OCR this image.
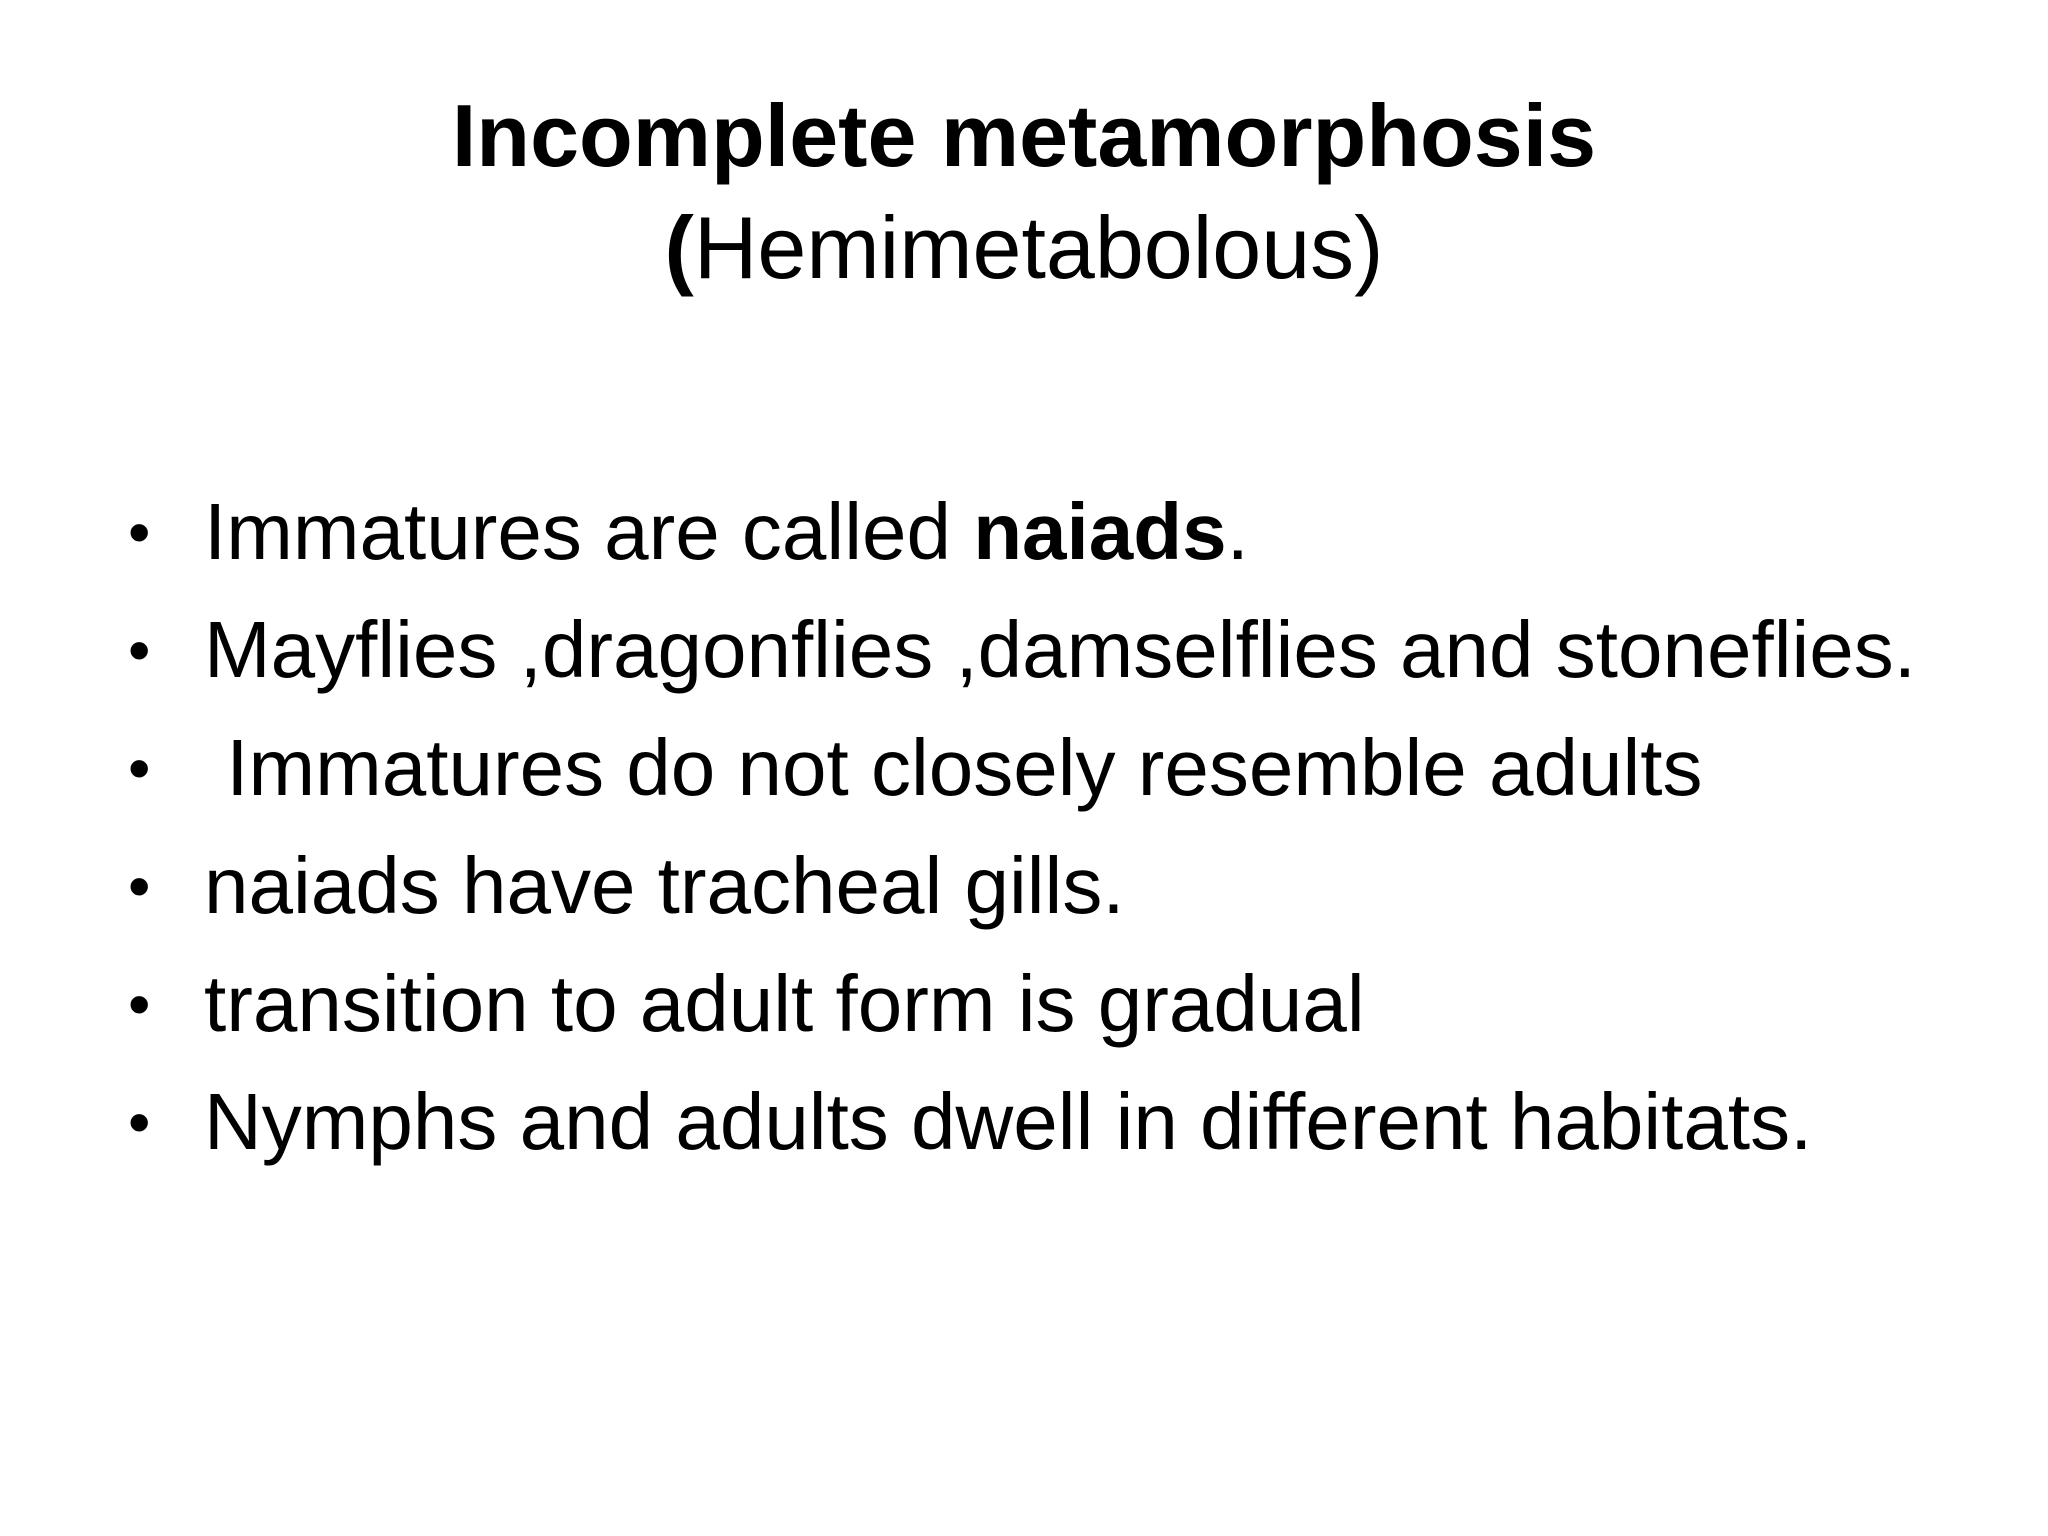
Incomplete metamorphosis
(Hemimetabolous)
• Immatures are called naiads.
• Mayflies ,dragonflies ,damselflies and stoneflies.
• Immatures do not closely resemble adults
• naiads have tracheal gills.
• transition to adult form is gradual
• Nymphs and adults dwell in different habitats.
